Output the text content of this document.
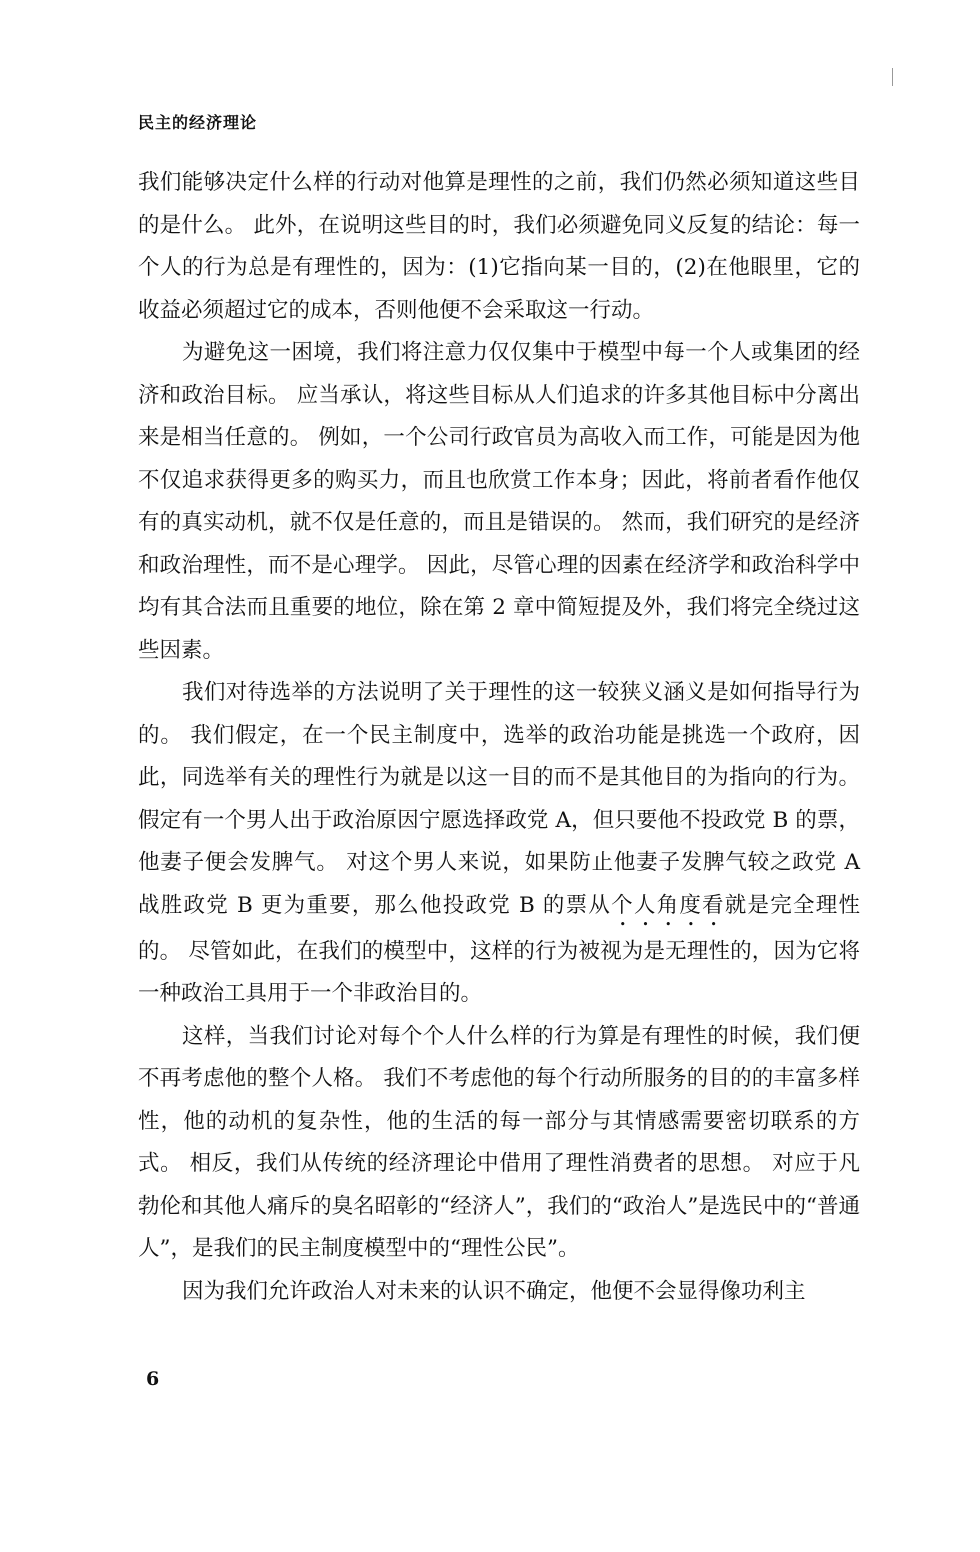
民主的经济理论

我们能够决定什么样的行动对他算是理性的之前，我们仍然必须知道这些目的是什么。 此外，在说明这些目的时，我们必须避免同义反复的结论：每一个人的行为总是有理性的，因为：(1)它指向某一目的，(2)在他眼里，它的收益必须超过它的成本，否则他便不会采取这一行动。

为避免这一困境，我们将注意力仅仅集中于模型中每一个人或集团的经济和政治目标。 应当承认，将这些目标从人们追求的许多其他目标中分离出来是相当任意的。 例如，一个公司行政官员为高收入而工作，可能是因为他不仅追求获得更多的购买力，而且也欣赏工作本身；因此，将前者看作他仅有的真实动机，就不仅是任意的，而且是错误的。 然而，我们研究的是经济和政治理性，而不是心理学。 因此，尽管心理的因素在经济学和政治科学中均有其合法而且重要的地位，除在第 2 章中简短提及外，我们将完全绕过这些因素。

我们对待选举的方法说明了关于理性的这一较狭义涵义是如何指导行为的。 我们假定，在一个民主制度中，选举的政治功能是挑选一个政府，因此，同选举有关的理性行为就是以这一目的而不是其他目的为指向的行为。 假定有一个男人出于政治原因宁愿选择政党 A，但只要他不投政党 B 的票，他妻子便会发脾气。 对这个男人来说，如果防止他妻子发脾气较之政党 A 战胜政党 B 更为重要，那么他投政党 B 的票从个人角度看就是完全理性的。 尽管如此，在我们的模型中，这样的行为被视为是无理性的，因为它将一种政治工具用于一个非政治目的。

这样，当我们讨论对每个个人什么样的行为算是有理性的时候，我们便不再考虑他的整个人格。 我们不考虑他的每个行动所服务的目的的丰富多样性，他的动机的复杂性，他的生活的每一部分与其情感需要密切联系的方式。 相反，我们从传统的经济理论中借用了理性消费者的思想。 对应于凡勃伦和其他人痛斥的臭名昭彰的“经济人”，我们的“政治人”是选民中的“普通人”，是我们的民主制度模型中的“理性公民”。

因为我们允许政治人对未来的认识不确定，他便不会显得像功利主

6
